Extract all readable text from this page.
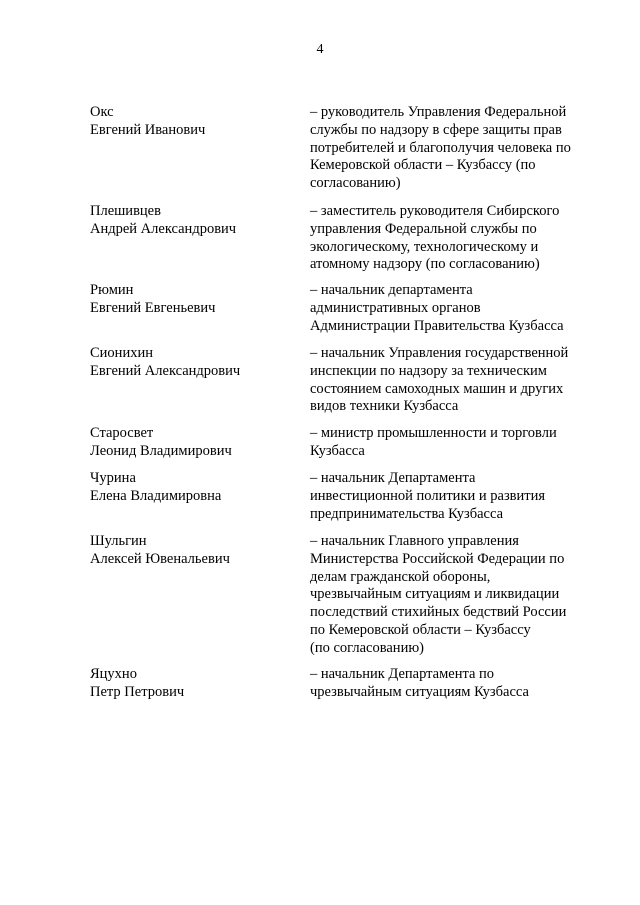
4
Окс
Евгений Иванович
– руководитель Управления Федеральной
службы по надзору в сфере защиты прав
потребителей и благополучия человека по
Кемеровской области – Кузбассу (по
согласованию)
Плешивцев
Андрей Александрович
– заместитель руководителя Сибирского
управления Федеральной службы по
экологическому, технологическому и
атомному надзору (по согласованию)
Рюмин
Евгений Евгеньевич
– начальник департамента
административных органов
Администрации Правительства Кузбасса
Сионихин
Евгений Александрович
– начальник Управления государственной
инспекции по надзору за техническим
состоянием самоходных машин и других
видов техники Кузбасса
Старосвет
Леонид Владимирович
– министр промышленности и торговли
Кузбасса
Чурина
Елена Владимировна
– начальник Департамента
инвестиционной политики и развития
предпринимательства Кузбасса
Шульгин
Алексей Ювенальевич
– начальник Главного управления
Министерства Российской Федерации по
делам гражданской обороны,
чрезвычайным ситуациям и ликвидации
последствий стихийных бедствий России
по Кемеровской области – Кузбассу
(по согласованию)
Яцухно
Петр Петрович
– начальник Департамента по
чрезвычайным ситуациям Кузбасса
